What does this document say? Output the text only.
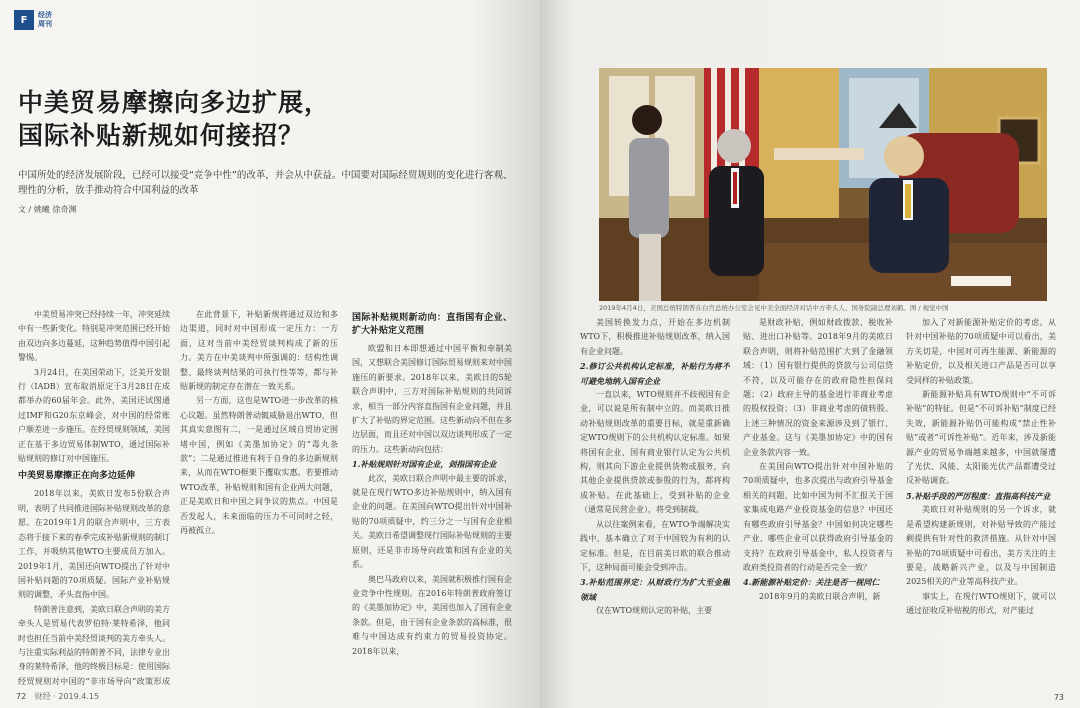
F	经济 周刊
中美贸易摩擦向多边扩展，
国际补贴新规如何接招？

中国所处的经济发展阶段，已经可以接受“竞争中性”的改革，并会从中获益。中国要对国际经贸规则的变化进行客观、理性的分析，放手推动符合中国利益的改革

文 / 姚曦 徐奇渊

中美贸易冲突已经持续一年，冲突延续中有一些新变化。特别是冲突范围已经开始由双边向多边蔓延，这种趋势值得中国引起警惕。

3月24日，在美国荣动下，泛美开发银行（IADB）宣布取消原定于3月28日在成都举办的60届年会。此外，美国还试图通过IMF和G20东京峰会，对中国的经常账户顺差进一步施压。在经贸规则领域，美国正在基于多边贸易体制WTO，通过国际补贴规则的修订对中国施压。

中美贸易摩擦正在向多边延伸

2018年以来，美欧日发布5份联合声明，表明了共同推进国际补贴规则改革的意愿。在2019年1月的联合声明中，三方表态将于接下来的春季完成补贴新规则的制订工作，并吸纳其他WTO主要成员方加入。2019年1月，美国还向WTO提出了针对中国补贴问题的70项质疑。国际产业补贴规则的调整，矛头直指中国。

特朗普注意到，美欧日联合声明的美方牵头人是贸易代表罗伯特·莱特希泽，他同时也担任当前中美经贸谈判的美方牵头人。与注重实际利益的特朗普不同，法律专业出身的莱特希泽，他的终极目标是：使用国际经贸规则对中国的“非市场导向”政策形成

在此背景下，补贴新规将通过双边和多边渠道，同时对中国形成一定压力：一方面，这对当前中美经贸谈判构成了新的压力。美方在中美谈判中所强调的：结构性调整、最终谈判结果的可执行性等等，都与补贴新规的制定存在潜在一致关系。

另一方面，这也是WTO进一步改革的核心议题。虽然特朗普动辄威胁退出WTO，但其真实意图有二，一是通过区域自贸协定围堵中国，例如《美墨加协定》的“毒丸条款”；二是通过推进有利于自身的多边新规则来，从而在WTO框架下攫取实惠。若要推动WTO改革，补贴规则和国有企业两大问题，正是美欧日和中国之间争议的焦点。中国是否发起人，未来面临的压力不可同时之轻，再被孤立。

国际补贴规则新动向：直指国有企业、扩大补贴定义范围

欧盟和日本即想通过中国平衡和牵制美国，又想联合美国修订国际贸易规则来对中国施压的新要求。2018年以来，美欧日的5轮联合声明中，三方对国际补贴规则的共同诉求，相当一部分内容直指国有企业问题，并且扩大了补贴的界定范围。这些新动向不但在多边层面，而且还对中国以双边谈判形成了一定的压力。这些新动向包括：

1.补贴规则针对国有企业，剑指国有企业

此次，美欧日联合声明中最主要的诉求，就是在现行WTO多边补贴规则中，纳入国有企业的问题。在美国向WTO提出针对中国补贴的70项质疑中，约三分之一与国有企业相关。美欧日希望调整现行国际补贴规则的主要原则，还是非市场导向政策和国有企业的关系。

奥巴马政府以来，美国就积极推行国有企业竞争中性规则。在2016年特朗普政府签订的《美墨加协定》中，美国也加入了国有企业条款。但是，由于国有企业条款的高标准，很难与中国达成有约束力的贸易投资协定。2018年以来，

72 财经 · 2019.4.15
2019年4月4日，美国总统特朗普在白宫总统办公室会见中美全面经济对话中方牵头人、国务院副总理刘鹤。图 / 视觉中国

美国转换发力点，开始在多边机制WTO下，积极推进补贴规则改革，纳入国有企业问题。

2.修订公共机构认定标准，补贴行为将不可避免地纳入国有企业

一直以来，WTO规则并不歧视国有企业，可以说是所有制中立的。而美欧日推动补贴规则改革的重要目标，就是重新确定WTO规则下的公共机构认定标准。如果将国有企业、国有商业银行认定为公共机构，则其向下游企业提供货物或服务，向其他企业提供贷款或参股的行为，都将构成补贴。在此基础上，受到补贴的企业（通常是民营企业），将受到制裁。

从以往案例来看，在WTO争端解决实践中，基本确立了对于中国较为有利的认定标准。但是，在目前美日欧的联合推动下，这种局面可能会受到冲击。

3.补贴范围界定：从财政行为扩大至金融领域

仅在WTO规则认定的补贴，主要

是财政补贴，例如财政拨款、税收补贴、进出口补贴等。2018年9月的美欧日联合声明，则将补贴范围扩大到了金融领域：（1）国有银行提供的贷款与公司信贷不符，以及可能存在的政府隐性担保问题；（2）政府主导的基金进行非商业考虑的股权投资；（3）非商业考虑的债转股。上述三种情况的资金来源涉及到了银行、产业基金。这与《美墨加协定》中的国有企业条款内容一致。

在美国向WTO提出针对中国补贴的70项质疑中，也多次提出与政府引导基金相关的问题，比如中国为何不汇报关于国家集成电路产业投资基金的信息？中国还有哪些政府引导基金？中国如何决定哪些产业、哪些企业可以获得政府引导基金的支持？在政府引导基金中，私人投资者与政府类投资者的行动是否完全一致？

4.新能源补贴定价：关注是否一视同仁

2018年9月的美欧日联合声明，新

加入了对新能源补贴定价的考虑。从针对中国补贴的70项质疑中可以看出，美方关切是，中国对可再生能源、新能源的补贴定价，以及相关进口产品是否可以享受同样的补贴政策。

新能源补贴具有WTO规则中“不可诉补贴”的特征。但是“不可诉补贴”制度已经失效，新能源补贴仍可能构成“禁止性补贴”或者“可诉性补贴”。近年来，涉及新能源产业的贸易争端越来越多，中国就屡遭了光伏、风能、太阳能光伏产品都遭受过反补贴调查。

5.补贴手段的严厉程度：直指高科技产业

美欧日对补贴规则的另一个诉求，就是希望构建新规则，对补贴导致的产能过剩提供有针对性的救济措施。从针对中国补贴的70项质疑中可看出，美方关注的主要是，战略新兴产业，以及与中国制造2025相关的产业等高科技产业。

事实上，在现行WTO规则下，就可以通过征收反补贴税的形式，对产能过

73
